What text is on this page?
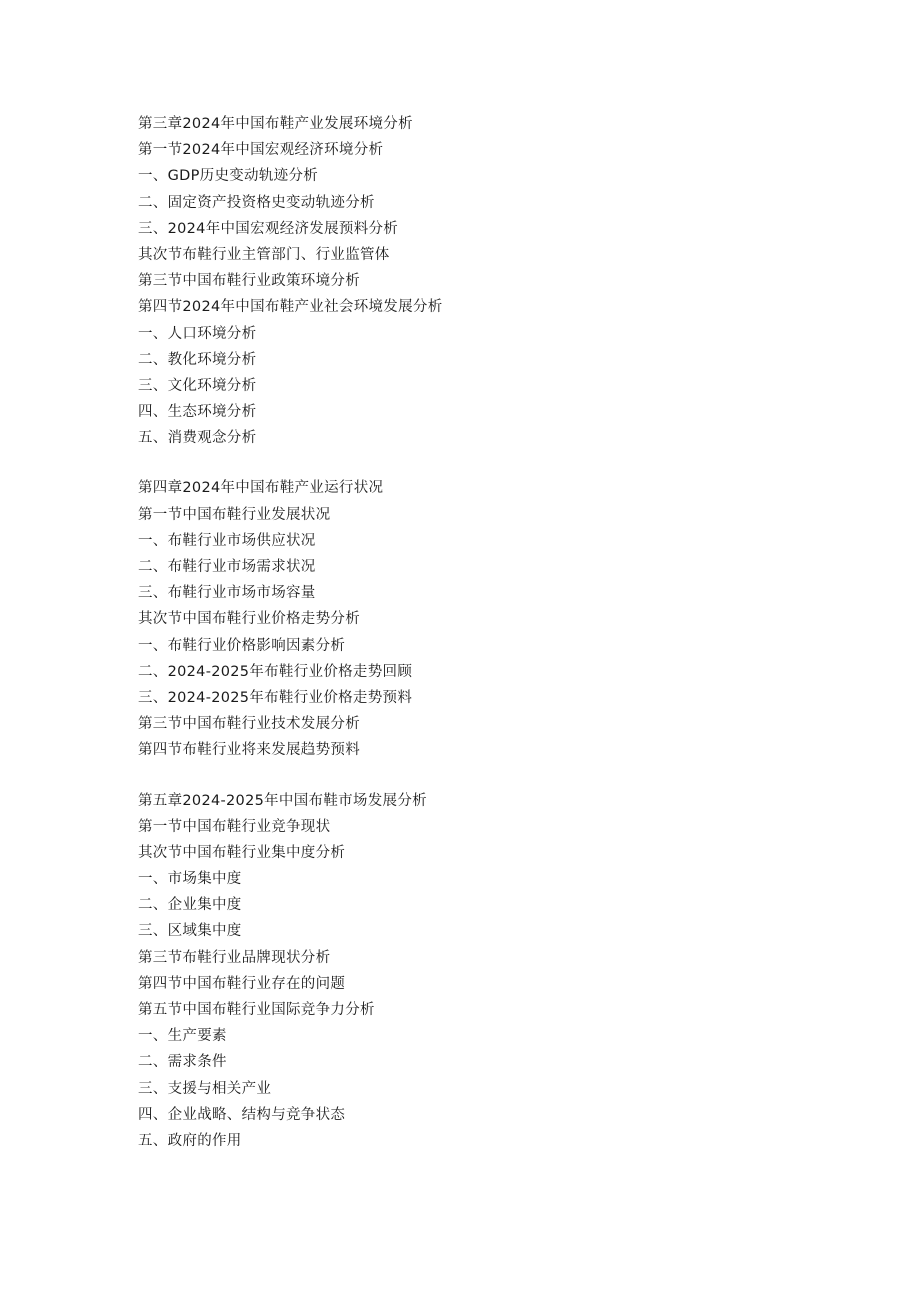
第三章2024年中国布鞋产业发展环境分析
第一节2024年中国宏观经济环境分析
一、GDP历史变动轨迹分析
二、固定资产投资格史变动轨迹分析
三、2024年中国宏观经济发展预料分析
其次节布鞋行业主管部门、行业监管体
第三节中国布鞋行业政策环境分析
第四节2024年中国布鞋产业社会环境发展分析
一、人口环境分析
二、教化环境分析
三、文化环境分析
四、生态环境分析
五、消费观念分析
第四章2024年中国布鞋产业运行状况
第一节中国布鞋行业发展状况
一、布鞋行业市场供应状况
二、布鞋行业市场需求状况
三、布鞋行业市场市场容量
其次节中国布鞋行业价格走势分析
一、布鞋行业价格影响因素分析
二、2024-2025年布鞋行业价格走势回顾
三、2024-2025年布鞋行业价格走势预料
第三节中国布鞋行业技术发展分析
第四节布鞋行业将来发展趋势预料
第五章2024-2025年中国布鞋市场发展分析
第一节中国布鞋行业竞争现状
其次节中国布鞋行业集中度分析
一、市场集中度
二、企业集中度
三、区域集中度
第三节布鞋行业品牌现状分析
第四节中国布鞋行业存在的问题
第五节中国布鞋行业国际竞争力分析
一、生产要素
二、需求条件
三、支援与相关产业
四、企业战略、结构与竞争状态
五、政府的作用
